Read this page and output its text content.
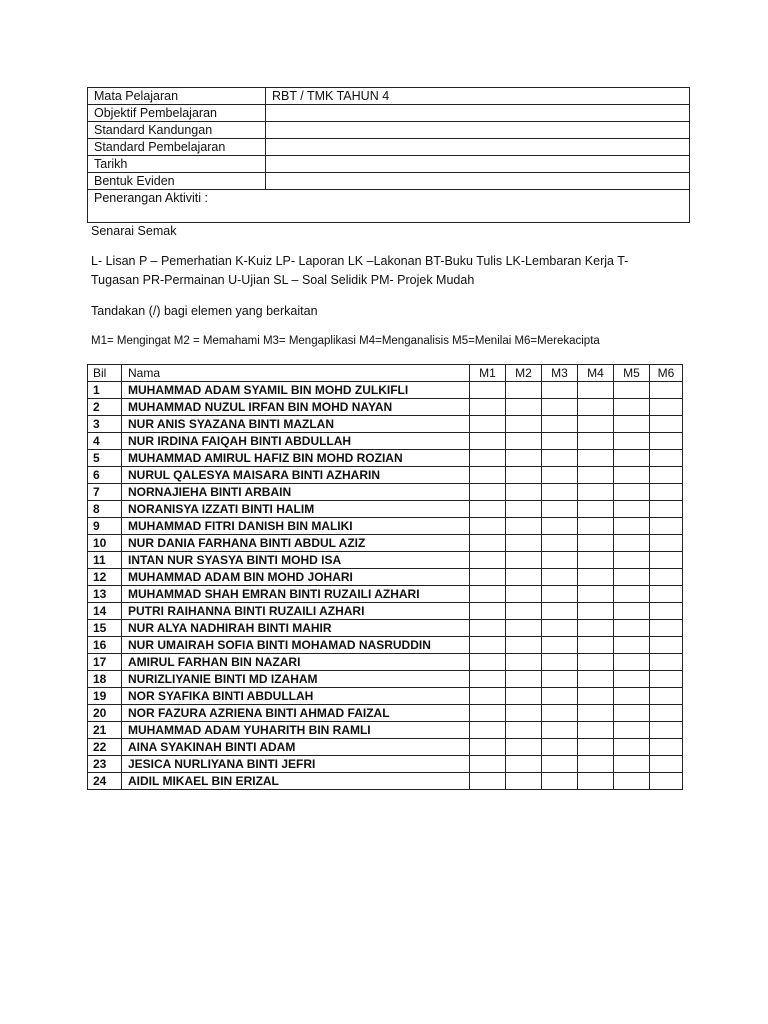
Mata Pelajaran	RBT / TMK TAHUN 4
Objektif Pembelajaran	
Standard Kandungan	
Standard Pembelajaran	
Tarikh	
Bentuk Eviden	
Penerangan Aktiviti :	
Senarai Semak
L- Lisan P – Pemerhatian K-Kuiz LP- Laporan LK –Lakonan BT-Buku Tulis LK-Lembaran Kerja T-
Tugasan PR-Permainan U-Ujian SL – Soal Selidik PM- Projek Mudah
Tandakan (/) bagi elemen yang berkaitan
M1= Mengingat M2 = Memahami M3= Mengaplikasi M4=Menganalisis M5=Menilai M6=Merekacipta
Bil	Nama	M1	M2	M3	M4	M5	M6
1	MUHAMMAD ADAM SYAMIL BIN MOHD ZULKIFLI						
2	MUHAMMAD NUZUL IRFAN BIN MOHD NAYAN						
3	NUR ANIS SYAZANA BINTI MAZLAN						
4	NUR IRDINA FAIQAH BINTI ABDULLAH						
5	MUHAMMAD AMIRUL HAFIZ BIN MOHD ROZIAN						
6	NURUL QALESYA MAISARA BINTI AZHARIN						
7	NORNAJIEHA BINTI ARBAIN						
8	NORANISYA IZZATI BINTI HALIM						
9	MUHAMMAD FITRI DANISH BIN MALIKI						
10	NUR DANIA FARHANA BINTI ABDUL AZIZ						
11	INTAN NUR SYASYA BINTI MOHD ISA						
12	MUHAMMAD ADAM BIN MOHD JOHARI						
13	MUHAMMAD SHAH EMRAN BINTI RUZAILI AZHARI						
14	PUTRI RAIHANNA BINTI RUZAILI AZHARI						
15	NUR ALYA NADHIRAH BINTI MAHIR						
16	NUR UMAIRAH SOFIA BINTI MOHAMAD NASRUDDIN						
17	AMIRUL FARHAN BIN NAZARI						
18	NURIZLIYANIE BINTI MD IZAHAM						
19	NOR SYAFIKA BINTI ABDULLAH						
20	NOR FAZURA AZRIENA BINTI AHMAD FAIZAL						
21	MUHAMMAD ADAM YUHARITH BIN RAMLI						
22	AINA SYAKINAH BINTI ADAM						
23	JESICA NURLIYANA BINTI JEFRI						
24	AIDIL MIKAEL BIN ERIZAL						
